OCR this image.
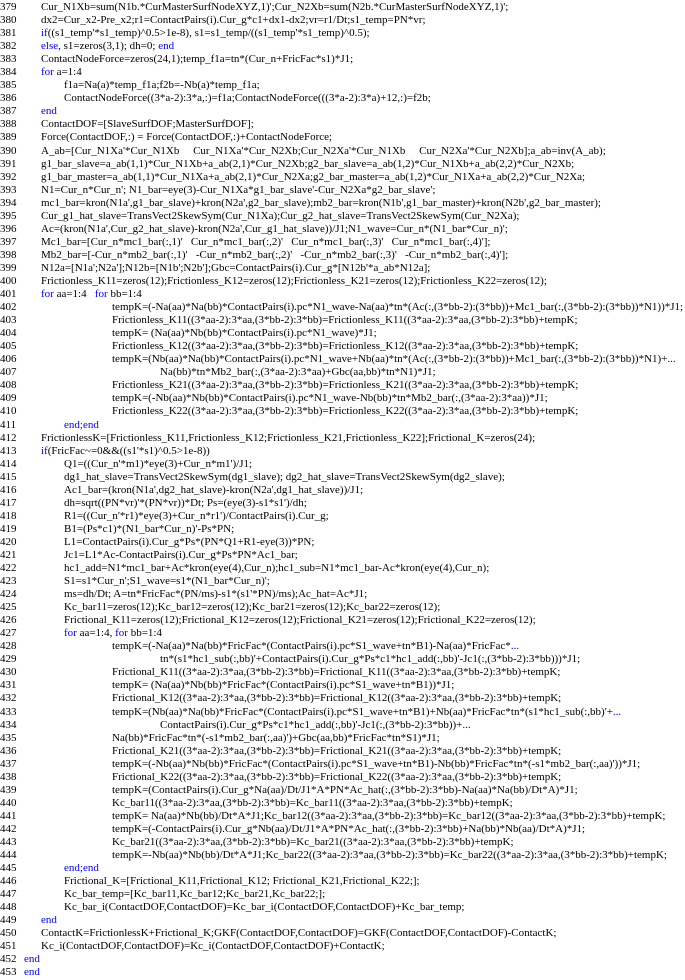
379	Cur_N1Xb=sum(N1b.*CurMasterSurfNodeXYZ,1)';Cur_N2Xb=sum(N2b.*CurMasterSurfNodeXYZ,1)';
380	dx2=Cur_x2-Pre_x2;r1=ContactPairs(i).Cur_g*c1+dx1-dx2;vr=r1/Dt;s1_temp=PN*vr;
381	if((s1_temp'*s1_temp)^0.5>1e-8), s1=s1_temp/((s1_temp'*s1_temp)^0.5);
382	else, s1=zeros(3,1); dh=0; end
383	ContactNodeForce=zeros(24,1);temp_f1a=tn*(Cur_n+FricFac*s1)*J1;
384	for a=1:4
385	f1a=Na(a)*temp_f1a;f2b=-Nb(a)*temp_f1a;
386	ContactNodeForce((3*a-2):3*a,:)=f1a;ContactNodeForce(((3*a-2):3*a)+12,:)=f2b;
387	end
388	ContactDOF=[SlaveSurfDOF;MasterSurfDOF];
389	Force(ContactDOF,:) = Force(ContactDOF,:)+ContactNodeForce;
390	A_ab=[Cur_N1Xa'*Cur_N1Xb     Cur_N1Xa'*Cur_N2Xb;Cur_N2Xa'*Cur_N1Xb     Cur_N2Xa'*Cur_N2Xb];a_ab=inv(A_ab);
391	g1_bar_slave=a_ab(1,1)*Cur_N1Xb+a_ab(2,1)*Cur_N2Xb;g2_bar_slave=a_ab(1,2)*Cur_N1Xb+a_ab(2,2)*Cur_N2Xb;
392	g1_bar_master=a_ab(1,1)*Cur_N1Xa+a_ab(2,1)*Cur_N2Xa;g2_bar_master=a_ab(1,2)*Cur_N1Xa+a_ab(2,2)*Cur_N2Xa;
393	N1=Cur_n*Cur_n'; N1_bar=eye(3)-Cur_N1Xa*g1_bar_slave'-Cur_N2Xa*g2_bar_slave';
394	mc1_bar=kron(N1a',g1_bar_slave)+kron(N2a',g2_bar_slave);mb2_bar=kron(N1b',g1_bar_master)+kron(N2b',g2_bar_master);
395	Cur_g1_hat_slave=TransVect2SkewSym(Cur_N1Xa);Cur_g2_hat_slave=TransVect2SkewSym(Cur_N2Xa);
396	Ac=(kron(N1a',Cur_g2_hat_slave)-kron(N2a',Cur_g1_hat_slave))/J1;N1_wave=Cur_n*(N1_bar*Cur_n)';
397	Mc1_bar=[Cur_n*mc1_bar(:,1)'   Cur_n*mc1_bar(:,2)'   Cur_n*mc1_bar(:,3)'   Cur_n*mc1_bar(:,4)'];
398	Mb2_bar=[-Cur_n*mb2_bar(:,1)'   -Cur_n*mb2_bar(:,2)'   -Cur_n*mb2_bar(:,3)'   -Cur_n*mb2_bar(:,4)'];
399	N12a=[N1a';N2a'];N12b=[N1b';N2b'];Gbc=ContactPairs(i).Cur_g*[N12b'*a_ab*N12a];
400	Frictionless_K11=zeros(12);Frictionless_K12=zeros(12);Frictionless_K21=zeros(12);Frictionless_K22=zeros(12);
401	for aa=1:4   for bb=1:4
402	tempK=(-Na(aa)*Na(bb)*ContactPairs(i).pc*N1_wave-Na(aa)*tn*(Ac(:,(3*bb-2):(3*bb))+Mc1_bar(:,(3*bb-2):(3*bb))*N1))*J1;
403	Frictionless_K11((3*aa-2):3*aa,(3*bb-2):3*bb)=Frictionless_K11((3*aa-2):3*aa,(3*bb-2):3*bb)+tempK;
404	tempK= (Na(aa)*Nb(bb)*ContactPairs(i).pc*N1_wave)*J1;
405	Frictionless_K12((3*aa-2):3*aa,(3*bb-2):3*bb)=Frictionless_K12((3*aa-2):3*aa,(3*bb-2):3*bb)+tempK;
406	tempK=(Nb(aa)*Na(bb)*ContactPairs(i).pc*N1_wave+Nb(aa)*tn*(Ac(:,(3*bb-2):(3*bb))+Mc1_bar(:,(3*bb-2):(3*bb))*N1)+...
407	Na(bb)*tn*Mb2_bar(:,(3*aa-2):3*aa)+Gbc(aa,bb)*tn*N1)*J1;
408	Frictionless_K21((3*aa-2):3*aa,(3*bb-2):3*bb)=Frictionless_K21((3*aa-2):3*aa,(3*bb-2):3*bb)+tempK;
409	tempK=(-Nb(aa)*Nb(bb)*ContactPairs(i).pc*N1_wave-Nb(bb)*tn*Mb2_bar(:,(3*aa-2):3*aa))*J1;
410	Frictionless_K22((3*aa-2):3*aa,(3*bb-2):3*bb)=Frictionless_K22((3*aa-2):3*aa,(3*bb-2):3*bb)+tempK;
411	end;end
412	FrictionlessK=[Frictionless_K11,Frictionless_K12;Frictionless_K21,Frictionless_K22];Frictional_K=zeros(24);
413	if(FricFac~=0&&((s1'*s1)^0.5>1e-8))
414	Q1=((Cur_n'*m1)*eye(3)+Cur_n*m1')/J1;
415	dg1_hat_slave=TransVect2SkewSym(dg1_slave); dg2_hat_slave=TransVect2SkewSym(dg2_slave);
416	Ac1_bar=(kron(N1a',dg2_hat_slave)-kron(N2a',dg1_hat_slave))/J1;
417	dh=sqrt((PN*vr)'*(PN*vr))*Dt; Ps=(eye(3)-s1*s1')/dh;
418	R1=((Cur_n'*r1)*eye(3)+Cur_n*r1')/ContactPairs(i).Cur_g;
419	B1=(Ps*c1)*(N1_bar*Cur_n)'-Ps*PN;
420	L1=ContactPairs(i).Cur_g*Ps*(PN*Q1+R1-eye(3))*PN;
421	Jc1=L1*Ac-ContactPairs(i).Cur_g*Ps*PN*Ac1_bar;
422	hc1_add=N1*mc1_bar+Ac*kron(eye(4),Cur_n);hc1_sub=N1*mc1_bar-Ac*kron(eye(4),Cur_n);
423	S1=s1*Cur_n';S1_wave=s1*(N1_bar*Cur_n)';
424	ms=dh/Dt; A=tn*FricFac*(PN/ms)-s1*(s1'*PN)/ms);Ac_hat=Ac*J1;
425	Kc_bar11=zeros(12);Kc_bar12=zeros(12);Kc_bar21=zeros(12);Kc_bar22=zeros(12);
426	Frictional_K11=zeros(12);Frictional_K12=zeros(12);Frictional_K21=zeros(12);Frictional_K22=zeros(12);
427	for aa=1:4, for bb=1:4
428	tempK=(-Na(aa)*Na(bb)*FricFac*(ContactPairs(i).pc*S1_wave+tn*B1)-Na(aa)*FricFac*...
429	tn*(s1*hc1_sub(:,bb)'+ContactPairs(i).Cur_g*Ps*c1*hc1_add(:,bb)'-Jc1(:,(3*bb-2):3*bb)))*J1;
430	Frictional_K11((3*aa-2):3*aa,(3*bb-2):3*bb)=Frictional_K11((3*aa-2):3*aa,(3*bb-2):3*bb)+tempK;
431	tempK= (Na(aa)*Nb(bb)*FricFac*(ContactPairs(i).pc*S1_wave+tn*B1))*J1;
432	Frictional_K12((3*aa-2):3*aa,(3*bb-2):3*bb)=Frictional_K12((3*aa-2):3*aa,(3*bb-2):3*bb)+tempK;
433	tempK=(Nb(aa)*Na(bb)*FricFac*(ContactPairs(i).pc*S1_wave+tn*B1)+Nb(aa)*FricFac*tn*(s1*hc1_sub(:,bb)'+...
434	ContactPairs(i).Cur_g*Ps*c1*hc1_add(:,bb)'-Jc1(:,(3*bb-2):3*bb))+...
435	Na(bb)*FricFac*tn*(-s1*mb2_bar(:,aa)')+Gbc(aa,bb)*FricFac*tn*S1)*J1;
436	Frictional_K21((3*aa-2):3*aa,(3*bb-2):3*bb)=Frictional_K21((3*aa-2):3*aa,(3*bb-2):3*bb)+tempK;
437	tempK=(-Nb(aa)*Nb(bb)*FricFac*(ContactPairs(i).pc*S1_wave+tn*B1)-Nb(bb)*FricFac*tn*(-s1*mb2_bar(:,aa)'))*J1;
438	Frictional_K22((3*aa-2):3*aa,(3*bb-2):3*bb)=Frictional_K22((3*aa-2):3*aa,(3*bb-2):3*bb)+tempK;
439	tempK=(ContactPairs(i).Cur_g*Na(aa)/Dt/J1*A*PN*Ac_hat(:,(3*bb-2):3*bb)-Na(aa)*Na(bb)/Dt*A)*J1;
440	Kc_bar11((3*aa-2):3*aa,(3*bb-2):3*bb)=Kc_bar11((3*aa-2):3*aa,(3*bb-2):3*bb)+tempK;
441	tempK= Na(aa)*Nb(bb)/Dt*A*J1;Kc_bar12((3*aa-2):3*aa,(3*bb-2):3*bb)=Kc_bar12((3*aa-2):3*aa,(3*bb-2):3*bb)+tempK;
442	tempK=(-ContactPairs(i).Cur_g*Nb(aa)/Dt/J1*A*PN*Ac_hat(:,(3*bb-2):3*bb)+Na(bb)*Nb(aa)/Dt*A)*J1;
443	Kc_bar21((3*aa-2):3*aa,(3*bb-2):3*bb)=Kc_bar21((3*aa-2):3*aa,(3*bb-2):3*bb)+tempK;
444	tempK=-Nb(aa)*Nb(bb)/Dt*A*J1;Kc_bar22((3*aa-2):3*aa,(3*bb-2):3*bb)=Kc_bar22((3*aa-2):3*aa,(3*bb-2):3*bb)+tempK;
445	end;end
446	Frictional_K=[Frictional_K11,Frictional_K12; Frictional_K21,Frictional_K22;];
447	Kc_bar_temp=[Kc_bar11,Kc_bar12;Kc_bar21,Kc_bar22;];
448	Kc_bar_i(ContactDOF,ContactDOF)=Kc_bar_i(ContactDOF,ContactDOF)+Kc_bar_temp;
449	end
450	ContactK=FrictionlessK+Frictional_K;GKF(ContactDOF,ContactDOF)=GKF(ContactDOF,ContactDOF)-ContactK;
451	Kc_i(ContactDOF,ContactDOF)=Kc_i(ContactDOF,ContactDOF)+ContactK;
452 end
453 end
